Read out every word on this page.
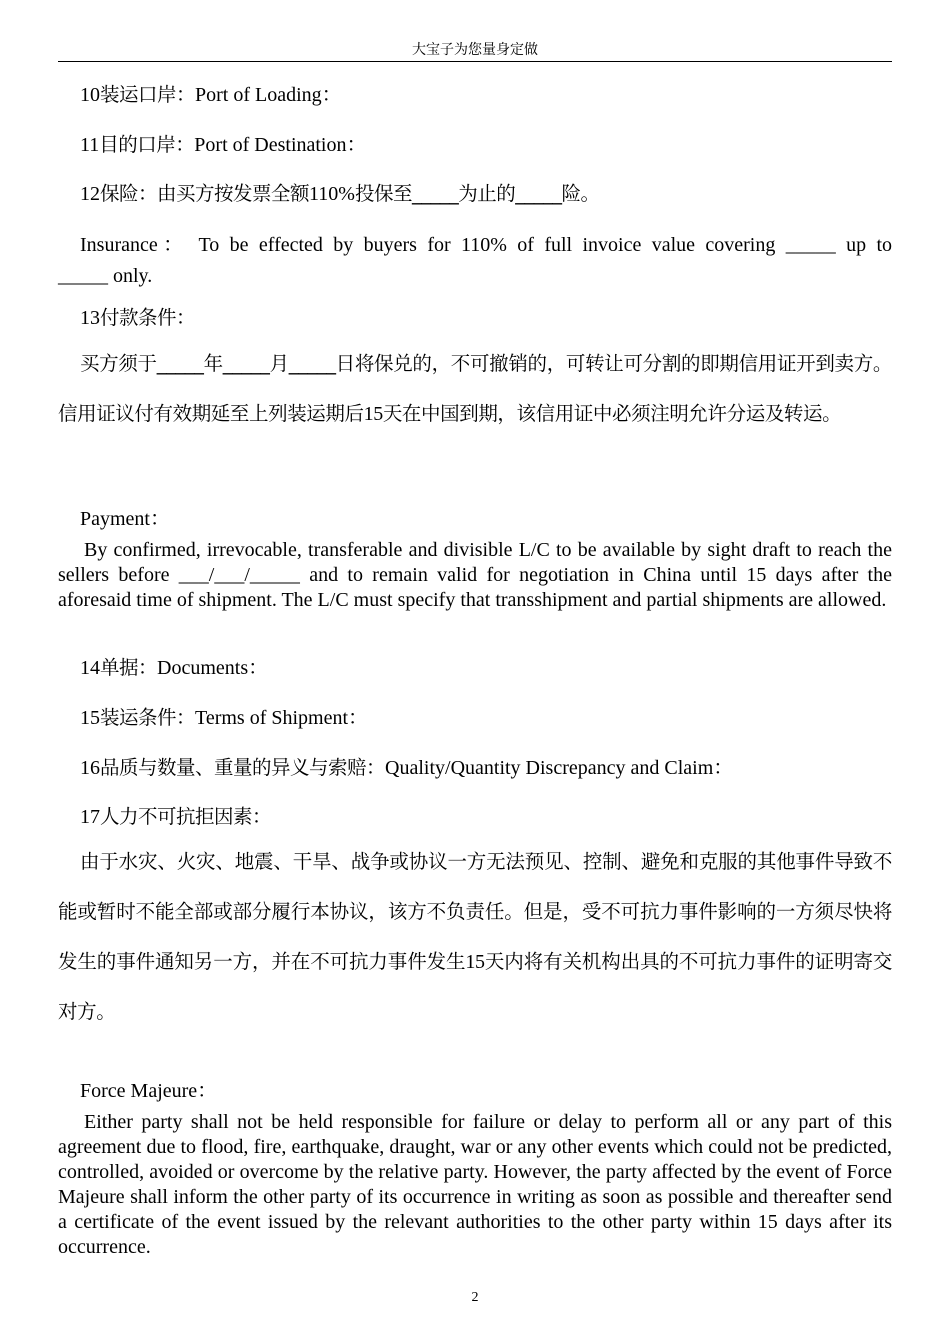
大宝子为您量身定做
10装运口岸：Port of Loading：
11目的口岸：Port of Destination：
12保险：由买方按发票全额110%投保至_____为止的_____险。
Insurance： To be effected by buyers for 110% of full invoice value covering _____ up to
_____ only.
13付款条件：
买方须于_____年_____月_____日将保兑的，不可撤销的，可转让可分割的即期信用证开到卖方。信用证议付有效期延至上列装运期后15天在中国到期，该信用证中必须注明允许分运及转运。
Payment：
By confirmed, irrevocable, transferable and divisible L/C to be available by sight draft to reach the sellers before ___/___/_____ and to remain valid for negotiation in China until 15 days after the aforesaid time of shipment. The L/C must specify that transshipment and partial shipments are allowed.
14单据：Documents：
15装运条件：Terms of Shipment：
16品质与数量、重量的异义与索赔：Quality/Quantity Discrepancy and Claim：
17人力不可抗拒因素：
由于水灾、火灾、地震、干旱、战争或协议一方无法预见、控制、避免和克服的其他事件导致不能或暂时不能全部或部分履行本协议，该方不负责任。但是，受不可抗力事件影响的一方须尽快将发生的事件通知另一方，并在不可抗力事件发生15天内将有关机构出具的不可抗力事件的证明寄交对方。
Force Majeure：
Either party shall not be held responsible for failure or delay to perform all or any part of this agreement due to flood, fire, earthquake, draught, war or any other events which could not be predicted, controlled, avoided or overcome by the relative party. However, the party affected by the event of Force Majeure shall inform the other party of its occurrence in writing as soon as possible and thereafter send a certificate of the event issued by the relevant authorities to the other party within 15 days after its occurrence.
2
